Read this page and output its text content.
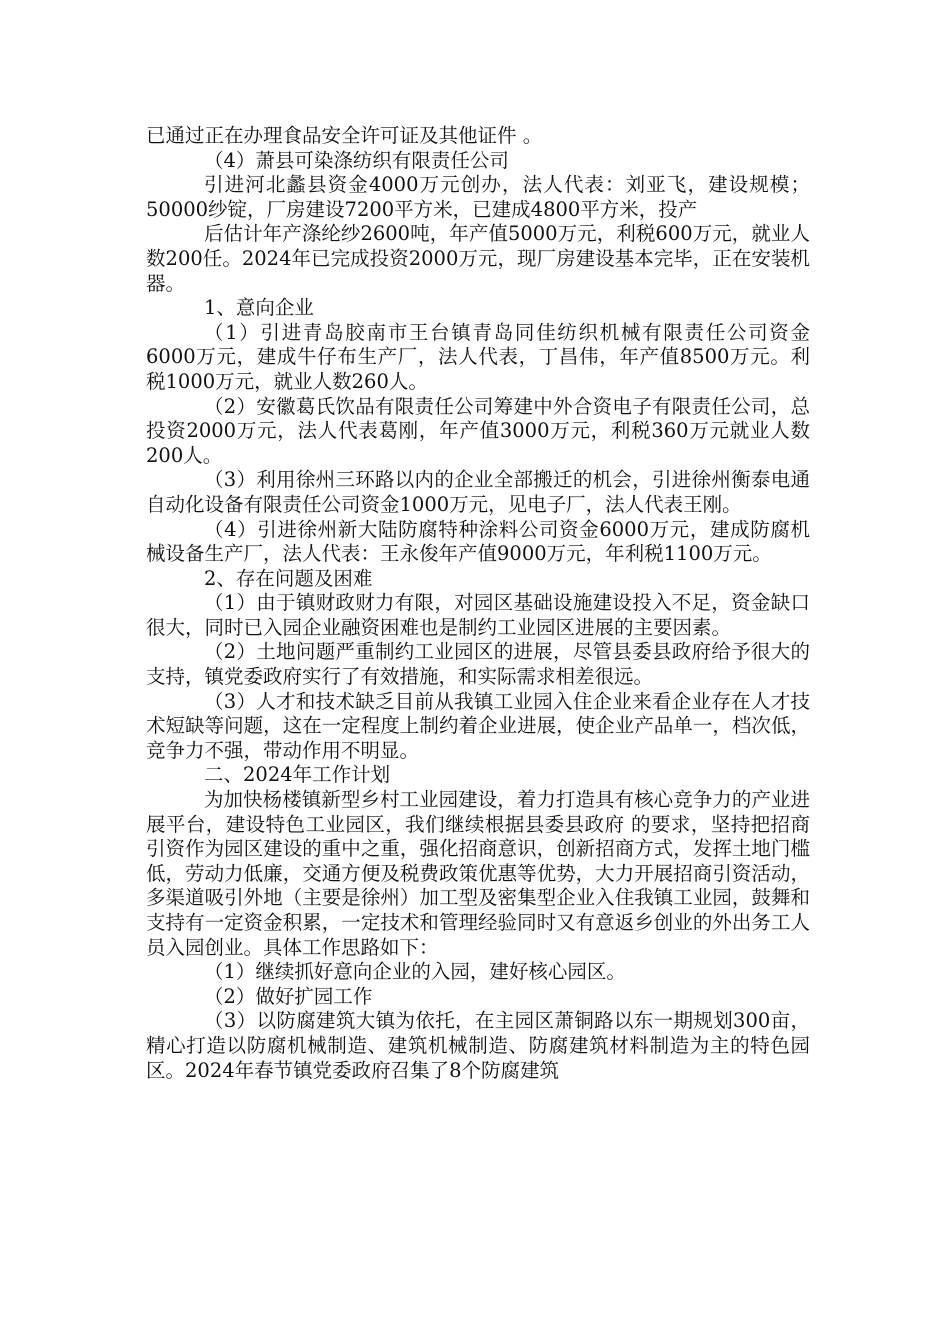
已通过正在办理食品安全许可证及其他证件 。

（4）萧县可染涤纺织有限责任公司

引进河北蠡县资金4000万元创办，法人代表：刘亚飞，建设规模；50000纱锭，厂房建设7200平方米，已建成4800平方米，投产

后估计年产涤纶纱2600吨，年产值5000万元，利税600万元，就业人数200任。2024年已完成投资2000万元，现厂房建设基本完毕，正在安装机器。

1、意向企业

（1）引进青岛胶南市王台镇青岛同佳纺织机械有限责任公司资金6000万元，建成牛仔布生产厂，法人代表，丁昌伟，年产值8500万元。利税1000万元，就业人数260人。

（2）安徽葛氏饮品有限责任公司筹建中外合资电子有限责任公司，总投资2000万元，法人代表葛刚，年产值3000万元，利税360万元就业人数200人。

（3）利用徐州三环路以内的企业全部搬迁的机会，引进徐州衡泰电通自动化设备有限责任公司资金1000万元，见电子厂，法人代表王刚。

（4）引进徐州新大陆防腐特种涂料公司资金6000万元，建成防腐机械设备生产厂，法人代表：王永俊年产值9000万元，年利税1100万元。

2、存在问题及困难

（1）由于镇财政财力有限，对园区基础设施建设投入不足，资金缺口很大，同时已入园企业融资困难也是制约工业园区进展的主要因素。

（2）土地问题严重制约工业园区的进展，尽管县委县政府给予很大的支持，镇党委政府实行了有效措施，和实际需求相差很远。

（3）人才和技术缺乏目前从我镇工业园入住企业来看企业存在人才技术短缺等问题，这在一定程度上制约着企业进展，使企业产品单一，档次低，竞争力不强，带动作用不明显。

二、2024年工作计划

为加快杨楼镇新型乡村工业园建设，着力打造具有核心竞争力的产业进展平台，建设特色工业园区，我们继续根据县委县政府 的要求，坚持把招商引资作为园区建设的重中之重，强化招商意识，创新招商方式，发挥土地门槛低，劳动力低廉，交通方便及税费政策优惠等优势，大力开展招商引资活动，多渠道吸引外地（主要是徐州）加工型及密集型企业入住我镇工业园，鼓舞和支持有一定资金积累，一定技术和管理经验同时又有意返乡创业的外出务工人员入园创业。具体工作思路如下：

（1）继续抓好意向企业的入园，建好核心园区。

（2）做好扩园工作

（3）以防腐建筑大镇为依托，在主园区萧铜路以东一期规划300亩，精心打造以防腐机械制造、建筑机械制造、防腐建筑材料制造为主的特色园区。2024年春节镇党委政府召集了8个防腐建筑
